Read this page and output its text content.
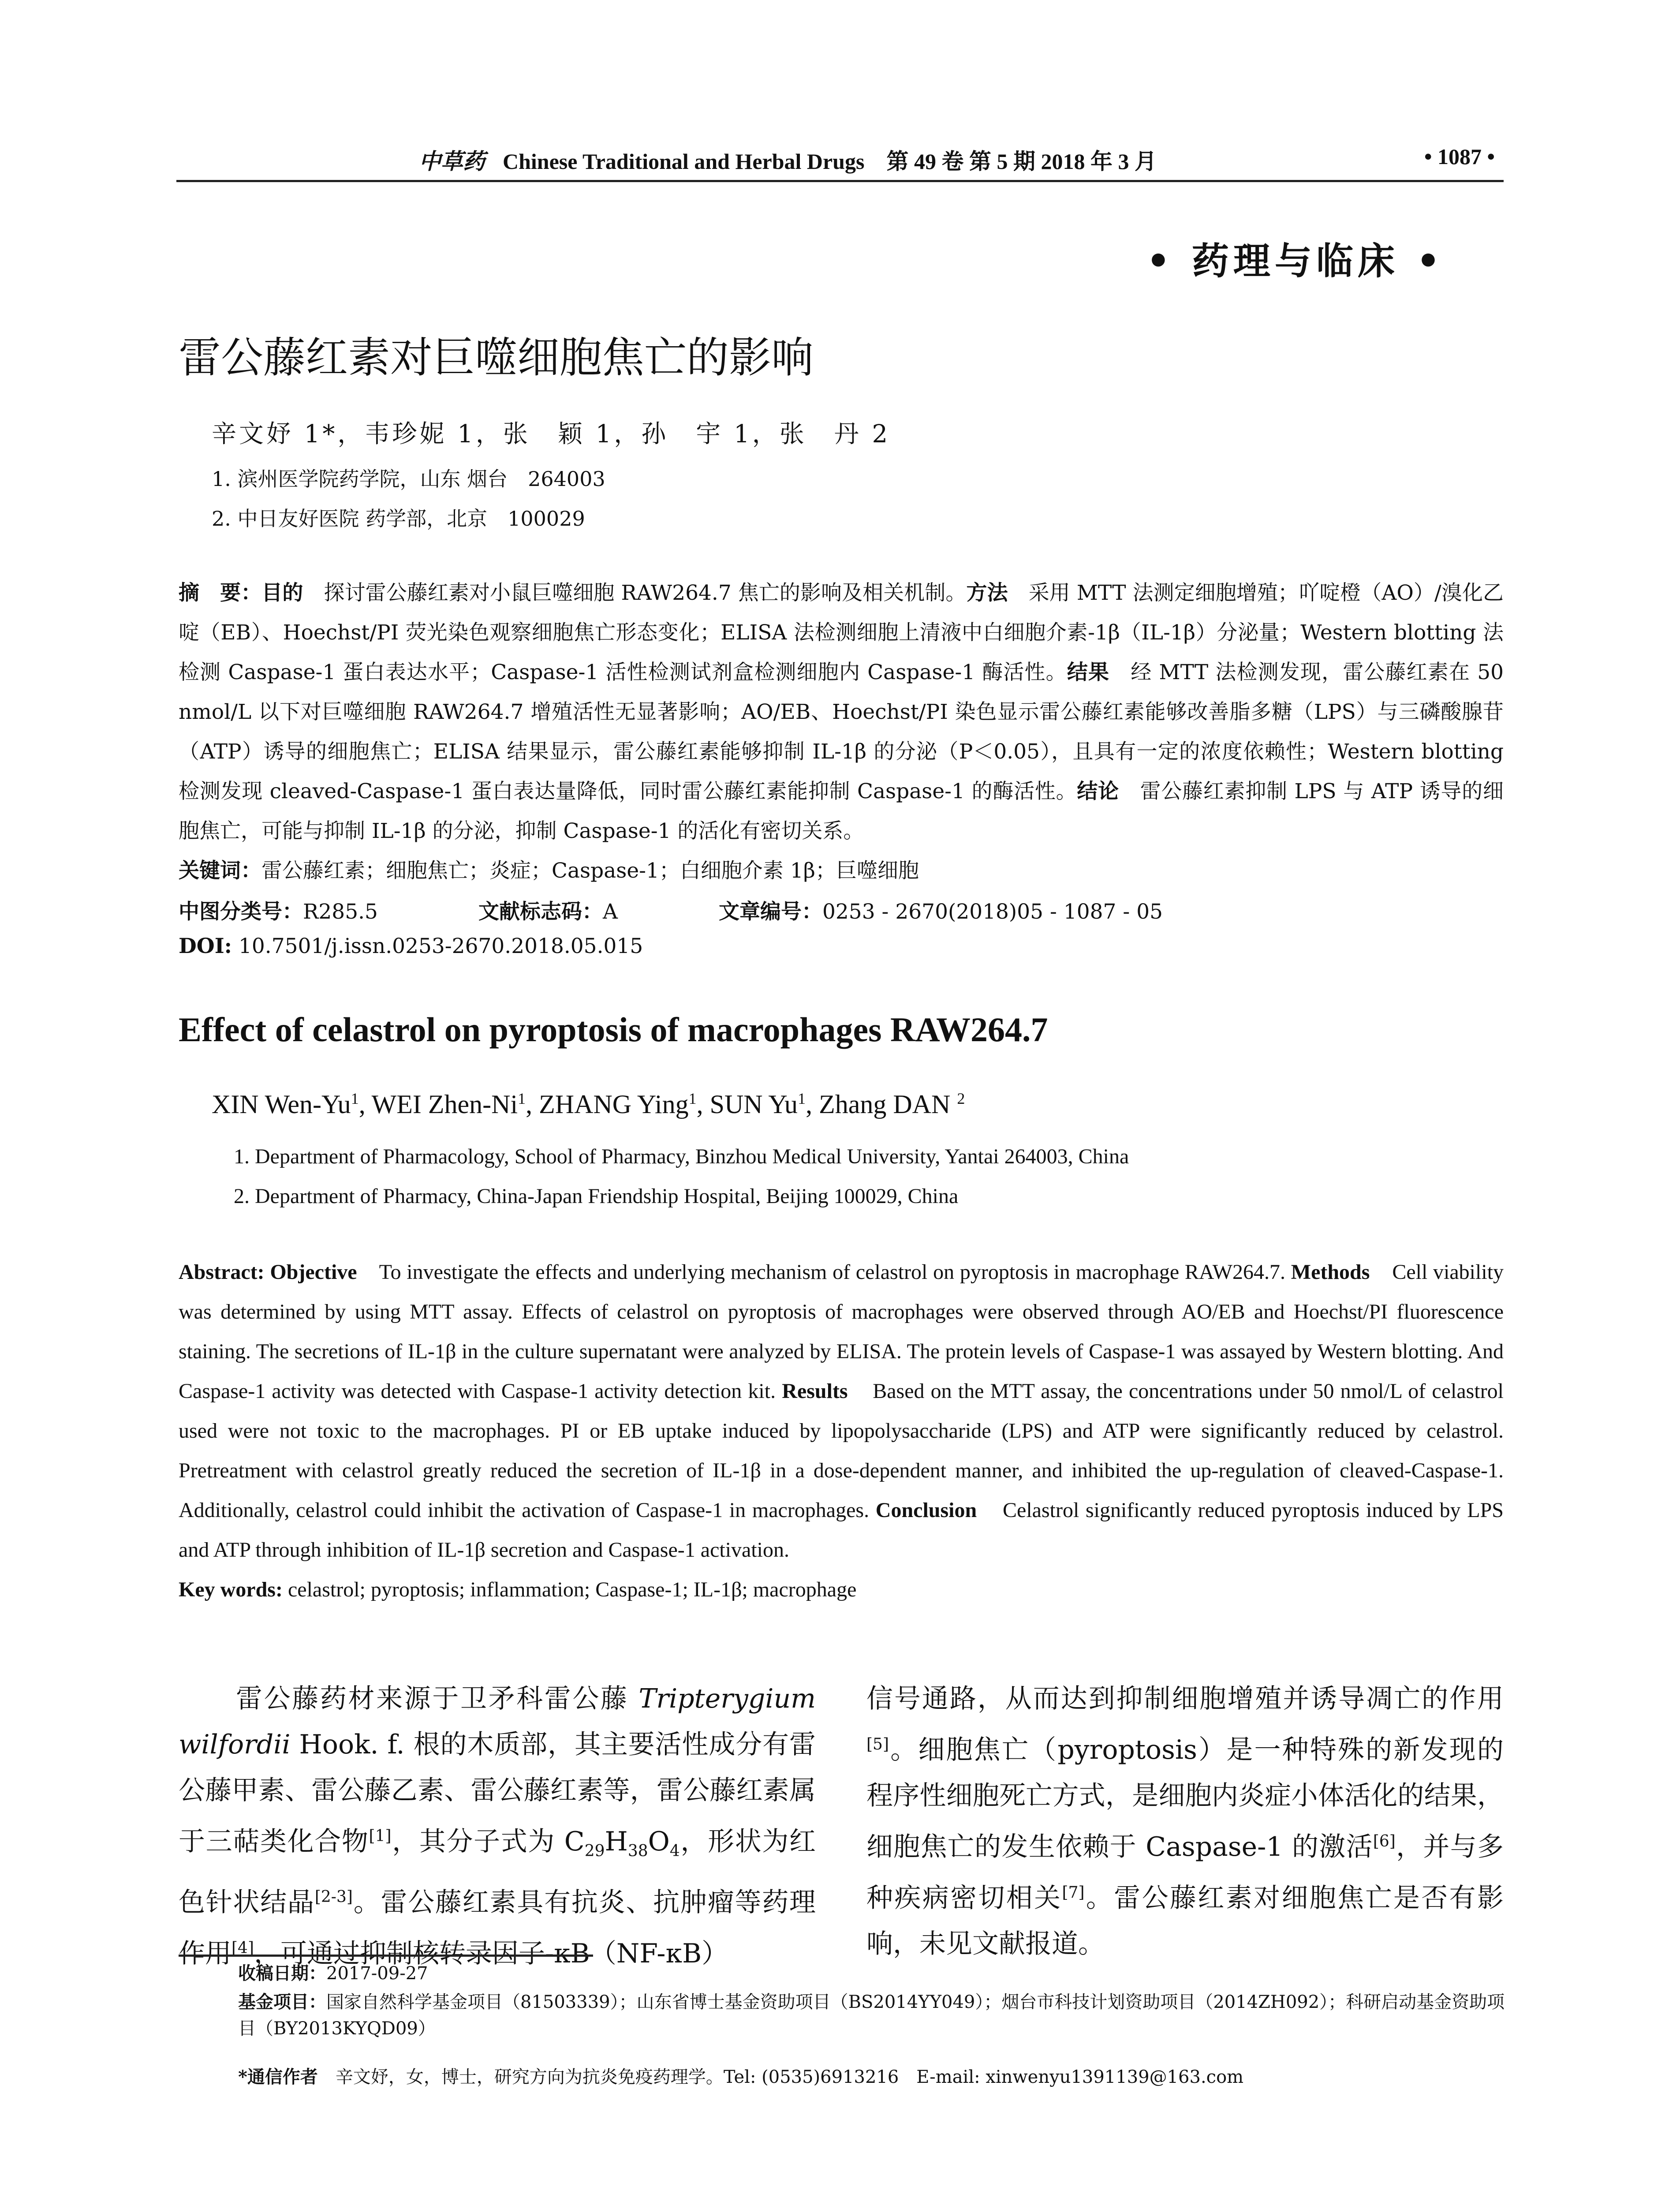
中草药 Chinese Traditional and Herbal Drugs　第 49 卷 第 5 期 2018 年 3 月	• 1087 •
• 药理与临床 •
雷公藤红素对巨噬细胞焦亡的影响
辛文妤 1*，韦珍妮 1，张　颖 1，孙　宇 1，张　丹 2
1. 滨州医学院药学院，山东 烟台　264003
2. 中日友好医院 药学部，北京　100029
摘　要：目的　 探讨雷公藤红素对小鼠巨噬细胞 RAW264.7 焦亡的影响及相关机制。方法　 采用 MTT 法测定细胞增殖；吖啶橙（AO）/溴化乙啶（EB）、Hoechst/PI 荧光染色观察细胞焦亡形态变化；ELISA 法检测细胞上清液中白细胞介素-1β（IL-1β）分泌量；Western blotting 法检测 Caspase-1 蛋白表达水平；Caspase-1 活性检测试剂盒检测细胞内 Caspase-1 酶活性。结果　 经 MTT 法检测发现，雷公藤红素在 50 nmol/L 以下对巨噬细胞 RAW264.7 增殖活性无显著影响；AO/EB、Hoechst/PI 染色显示雷公藤红素能够改善脂多糖（LPS）与三磷酸腺苷（ATP）诱导的细胞焦亡；ELISA 结果显示，雷公藤红素能够抑制 IL-1β 的分泌（P＜0.05），且具有一定的浓度依赖性；Western blotting 检测发现 cleaved-Caspase-1 蛋白表达量降低，同时雷公藤红素能抑制 Caspase-1 的酶活性。结论　 雷公藤红素抑制 LPS 与 ATP 诱导的细胞焦亡，可能与抑制 IL-1β 的分泌，抑制 Caspase-1 的活化有密切关系。
关键词：雷公藤红素；细胞焦亡；炎症；Caspase-1；白细胞介素 1β；巨噬细胞
中图分类号：R285.5	文献标志码：A	文章编号：0253 - 2670(2018)05 - 1087 - 05
DOI: 10.7501/j.issn.0253-2670.2018.05.015
Effect of celastrol on pyroptosis of macrophages RAW264.7
XIN Wen-Yu$^1$, WEI Zhen-Ni$^1$, ZHANG Ying$^1$, SUN Yu$^1$, Zhang DAN $^2$
1. Department of Pharmacology, School of Pharmacy, Binzhou Medical University, Yantai 264003, China
2. Department of Pharmacy, China-Japan Friendship Hospital, Beijing 100029, China
Abstract: Objective To investigate the effects and underlying mechanism of celastrol on pyroptosis in macrophage RAW264.7. Methods Cell viability was determined by using MTT assay. Effects of celastrol on pyroptosis of macrophages were observed through AO/EB and Hoechst/PI fluorescence staining. The secretions of IL-1β in the culture supernatant were analyzed by ELISA. The protein levels of Caspase-1 was assayed by Western blotting. And Caspase-1 activity was detected with Caspase-1 activity detection kit. Results Based on the MTT assay, the concentrations under 50 nmol/L of celastrol used were not toxic to the macrophages. PI or EB uptake induced by lipopolysaccharide (LPS) and ATP were significantly reduced by celastrol. Pretreatment with celastrol greatly reduced the secretion of IL-1β in a dose-dependent manner, and inhibited the up-regulation of cleaved-Caspase-1. Additionally, celastrol could inhibit the activation of Caspase-1 in macrophages. Conclusion Celastrol significantly reduced pyroptosis induced by LPS and ATP through inhibition of IL-1β secretion and Caspase-1 activation.
Key words: celastrol; pyroptosis; inflammation; Caspase-1; IL-1β; macrophage
雷公藤药材来源于卫矛科雷公藤 Tripterygium wilfordii Hook. f. 根的木质部，其主要活性成分有雷公藤甲素、雷公藤乙素、雷公藤红素等，雷公藤红素属于三萜类化合物[1]，其分子式为 $C_{29}H_{38}O_4$，形状为红色针状结晶[2-3]。雷公藤红素具有抗炎、抗肿瘤等药理作用[4]，可通过抑制核转录因子-κB（NF-κB）
信号通路，从而达到抑制细胞增殖并诱导凋亡的作用[5]。细胞焦亡（pyroptosis）是一种特殊的新发现的程序性细胞死亡方式，是细胞内炎症小体活化的结果，细胞焦亡的发生依赖于 Caspase-1 的激活[6]，并与多种疾病密切相关[7]。雷公藤红素对细胞焦亡是否有影响，未见文献报道。
收稿日期：2017-09-27
基金项目：国家自然科学基金项目（81503339）；山东省博士基金资助项目（BS2014YY049）；烟台市科技计划资助项目（2014ZH092）；科研启动基金资助项目（BY2013KYQD09）
*通信作者　 辛文妤，女，博士，研究方向为抗炎免疫药理学。Tel: (0535)6913216　E-mail: xinwenyu1391139@163.com
